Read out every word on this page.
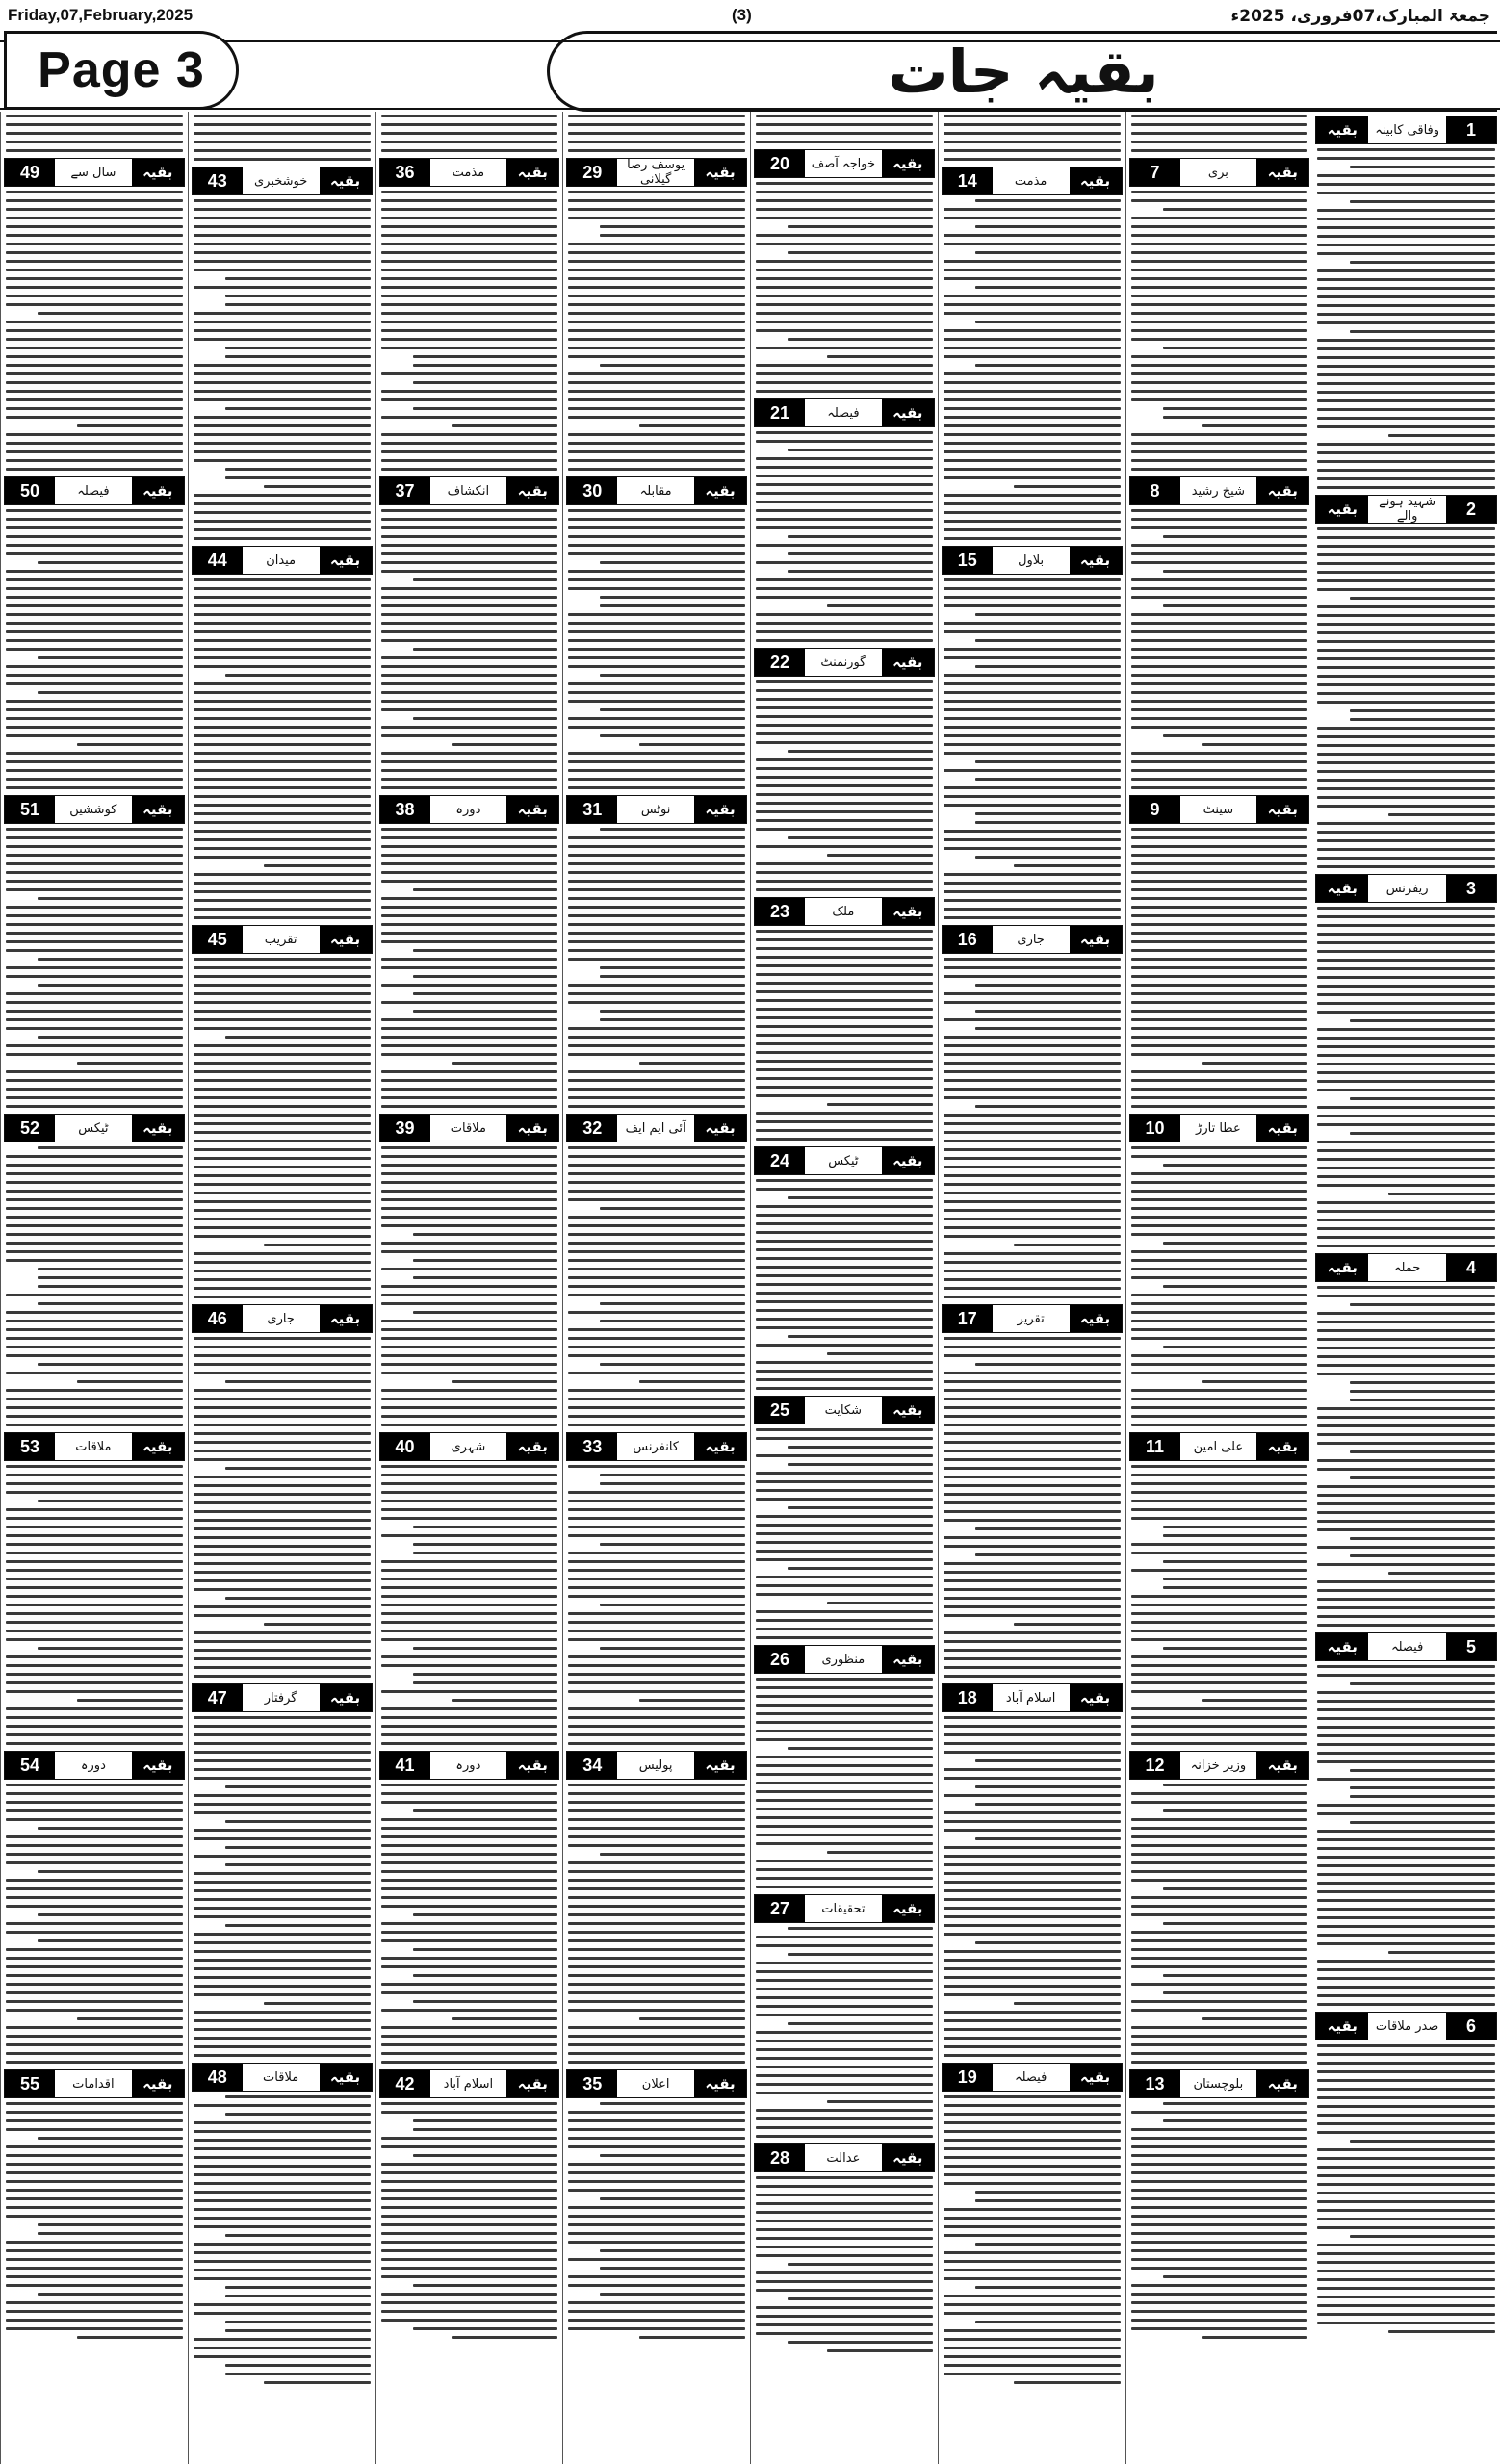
Friday,07,February,2025	(3)	جمعۃ المبارک،07فروری، 2025ء
Page 3	بقیہ جات
بقیہ	وفاقی کابینہ	1
بقیہ	شہید ہونے والے	2
بقیہ	ریفرنس	3
بقیہ	حملہ	4
بقیہ	فیصلہ	5
بقیہ	صدر ملاقات	6
7	بری	بقیہ
8	شیخ رشید	بقیہ
9	سینٹ	بقیہ
10	عطا تارڑ	بقیہ
11	علی امین	بقیہ
12	وزیر خزانہ	بقیہ
13	بلوچستان	بقیہ
14	مذمت	بقیہ
15	بلاول	بقیہ
16	جاری	بقیہ
17	تقریر	بقیہ
18	اسلام آباد	بقیہ
19	فیصلہ	بقیہ
20	خواجہ آصف	بقیہ
21	فیصلہ	بقیہ
22	گورنمنٹ	بقیہ
23	ملک	بقیہ
24	ٹیکس	بقیہ
25	شکایت	بقیہ
26	منظوری	بقیہ
27	تحقیقات	بقیہ
28	عدالت	بقیہ
29	یوسف رضا گیلانی	بقیہ
30	مقابلہ	بقیہ
31	نوٹس	بقیہ
32	آئی ایم ایف	بقیہ
33	کانفرنس	بقیہ
34	پولیس	بقیہ
35	اعلان	بقیہ
36	مذمت	بقیہ
37	انکشاف	بقیہ
38	دورہ	بقیہ
39	ملاقات	بقیہ
40	شہری	بقیہ
41	دورہ	بقیہ
42	اسلام آباد	بقیہ
43	خوشخبری	بقیہ
44	میدان	بقیہ
45	تقریب	بقیہ
46	جاری	بقیہ
47	گرفتار	بقیہ
48	ملاقات	بقیہ
49	سال سے	بقیہ
50	فیصلہ	بقیہ
51	کوششیں	بقیہ
52	ٹیکس	بقیہ
53	ملاقات	بقیہ
54	دورہ	بقیہ
55	اقدامات	بقیہ
